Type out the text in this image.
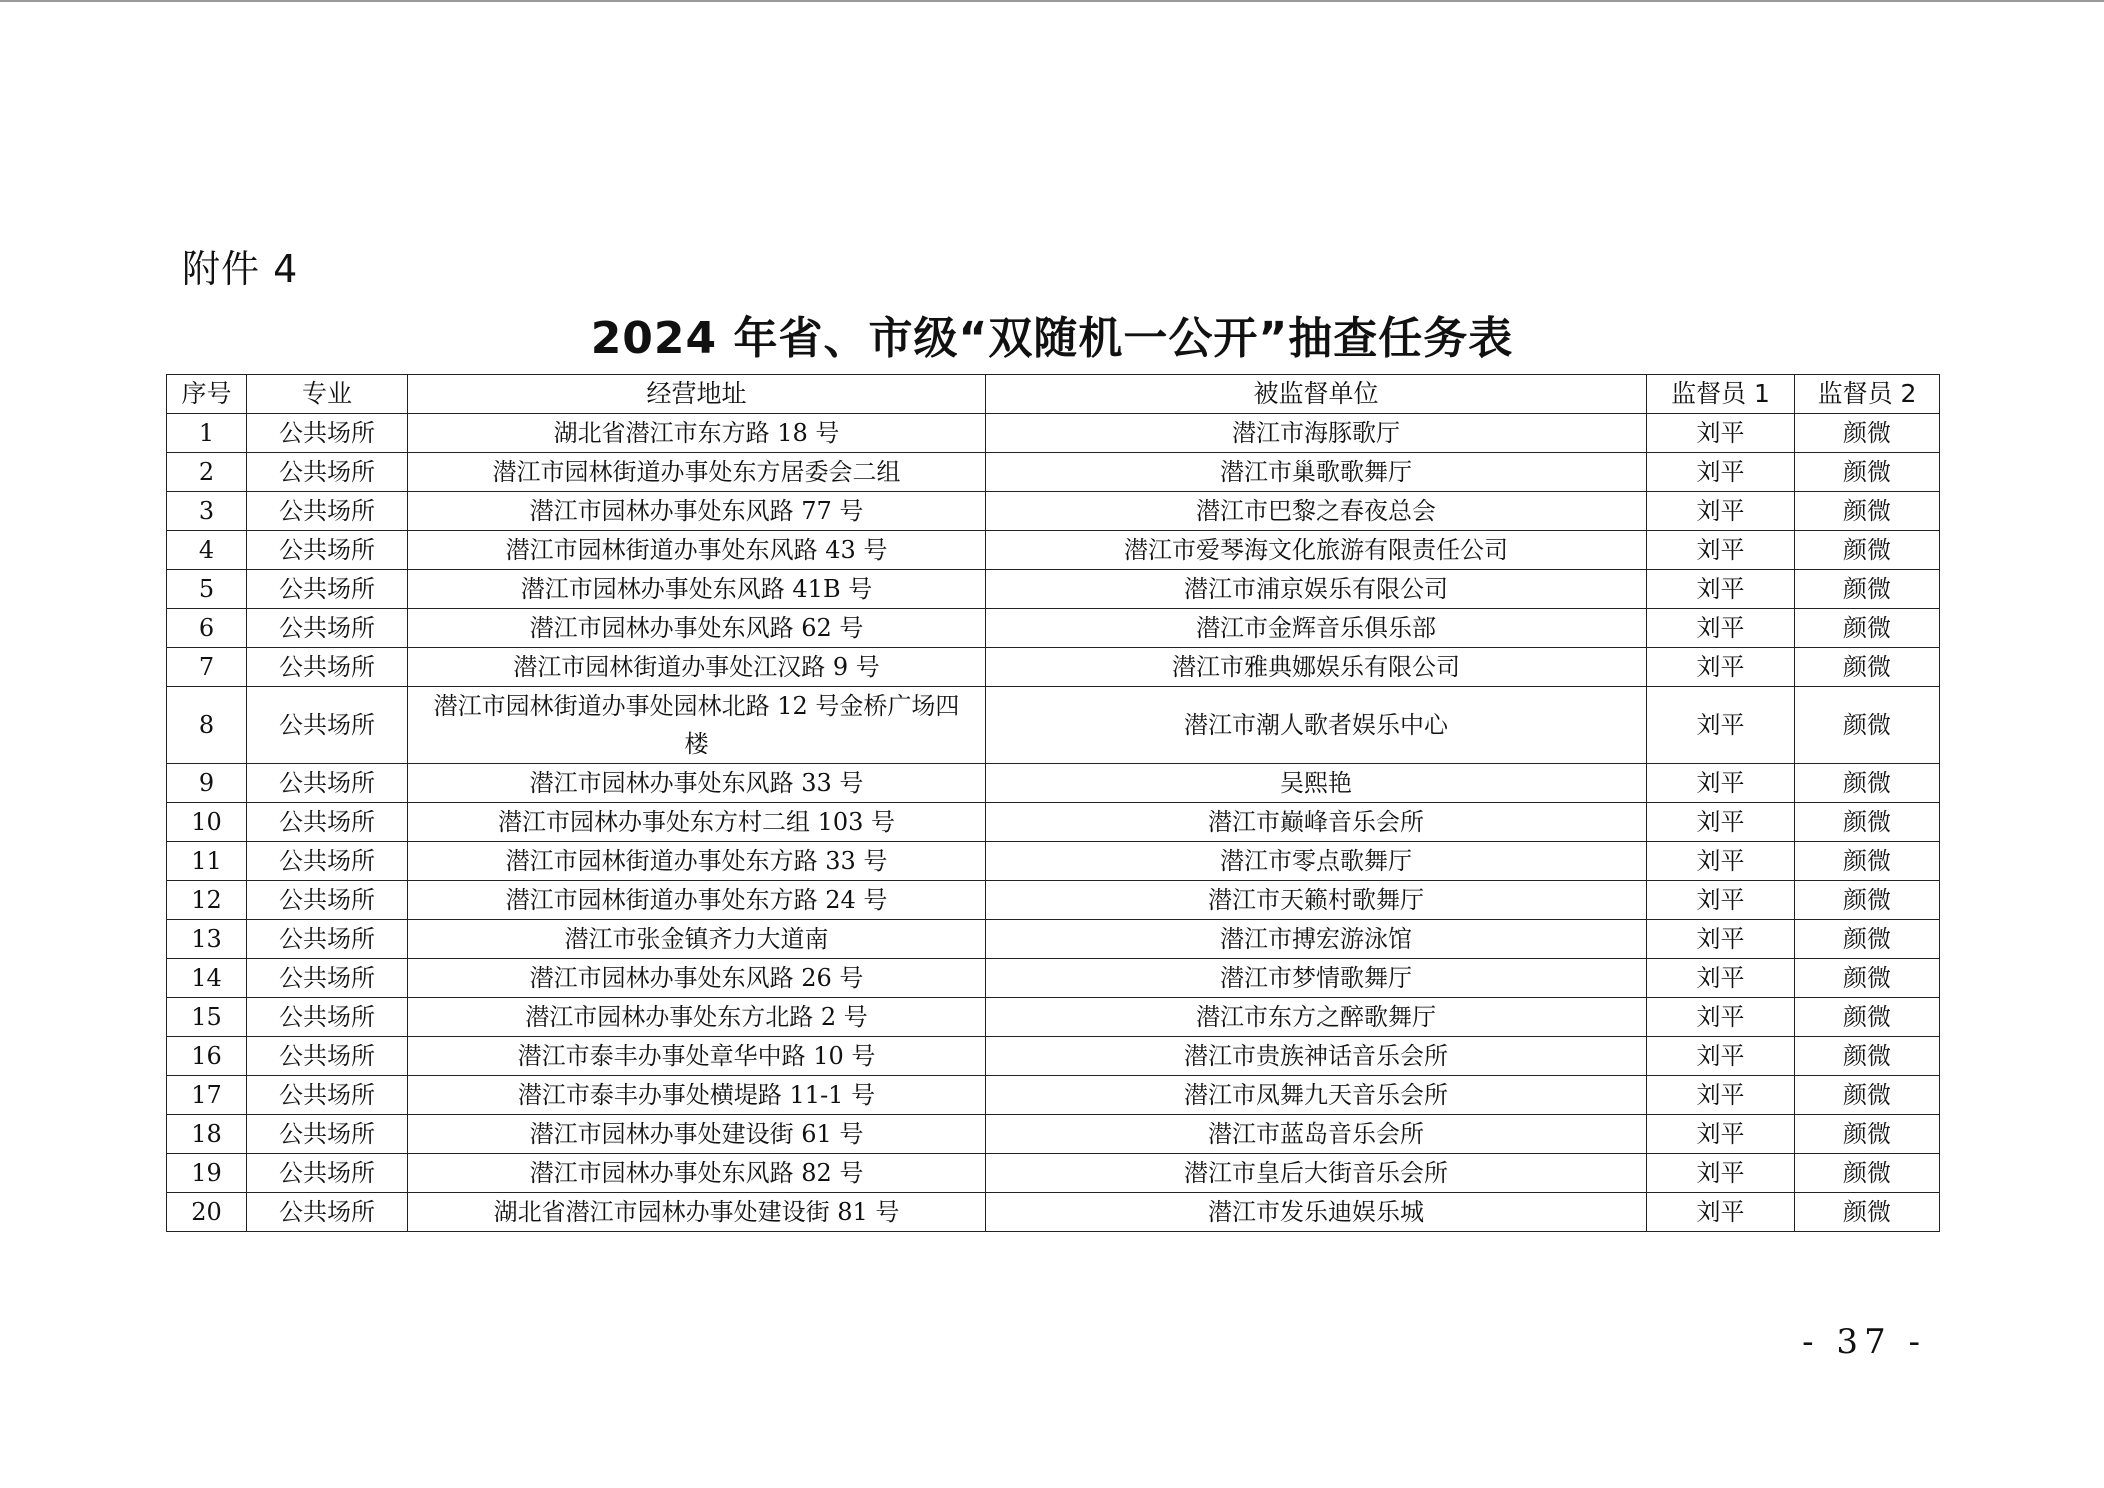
附件 4
2024 年省、市级“双随机一公开”抽查任务表
序号	专业	经营地址	被监督单位	监督员 1	监督员 2
1	公共场所	湖北省潜江市东方路 18 号	潜江市海豚歌厅	刘平	颜微
2	公共场所	潜江市园林街道办事处东方居委会二组	潜江市巢歌歌舞厅	刘平	颜微
3	公共场所	潜江市园林办事处东风路 77 号	潜江市巴黎之春夜总会	刘平	颜微
4	公共场所	潜江市园林街道办事处东风路 43 号	潜江市爱琴海文化旅游有限责任公司	刘平	颜微
5	公共场所	潜江市园林办事处东风路 41B 号	潜江市浦京娱乐有限公司	刘平	颜微
6	公共场所	潜江市园林办事处东风路 62 号	潜江市金辉音乐俱乐部	刘平	颜微
7	公共场所	潜江市园林街道办事处江汉路 9 号	潜江市雅典娜娱乐有限公司	刘平	颜微
8	公共场所	潜江市园林街道办事处园林北路 12 号金桥广场四楼	潜江市潮人歌者娱乐中心	刘平	颜微
9	公共场所	潜江市园林办事处东风路 33 号	吴熙艳	刘平	颜微
10	公共场所	潜江市园林办事处东方村二组 103 号	潜江市巅峰音乐会所	刘平	颜微
11	公共场所	潜江市园林街道办事处东方路 33 号	潜江市零点歌舞厅	刘平	颜微
12	公共场所	潜江市园林街道办事处东方路 24 号	潜江市天籁村歌舞厅	刘平	颜微
13	公共场所	潜江市张金镇齐力大道南	潜江市搏宏游泳馆	刘平	颜微
14	公共场所	潜江市园林办事处东风路 26 号	潜江市梦情歌舞厅	刘平	颜微
15	公共场所	潜江市园林办事处东方北路 2 号	潜江市东方之醉歌舞厅	刘平	颜微
16	公共场所	潜江市泰丰办事处章华中路 10 号	潜江市贵族神话音乐会所	刘平	颜微
17	公共场所	潜江市泰丰办事处横堤路 11-1 号	潜江市凤舞九天音乐会所	刘平	颜微
18	公共场所	潜江市园林办事处建设街 61 号	潜江市蓝岛音乐会所	刘平	颜微
19	公共场所	潜江市园林办事处东风路 82 号	潜江市皇后大街音乐会所	刘平	颜微
20	公共场所	湖北省潜江市园林办事处建设街 81 号	潜江市发乐迪娱乐城	刘平	颜微
- 37 -
